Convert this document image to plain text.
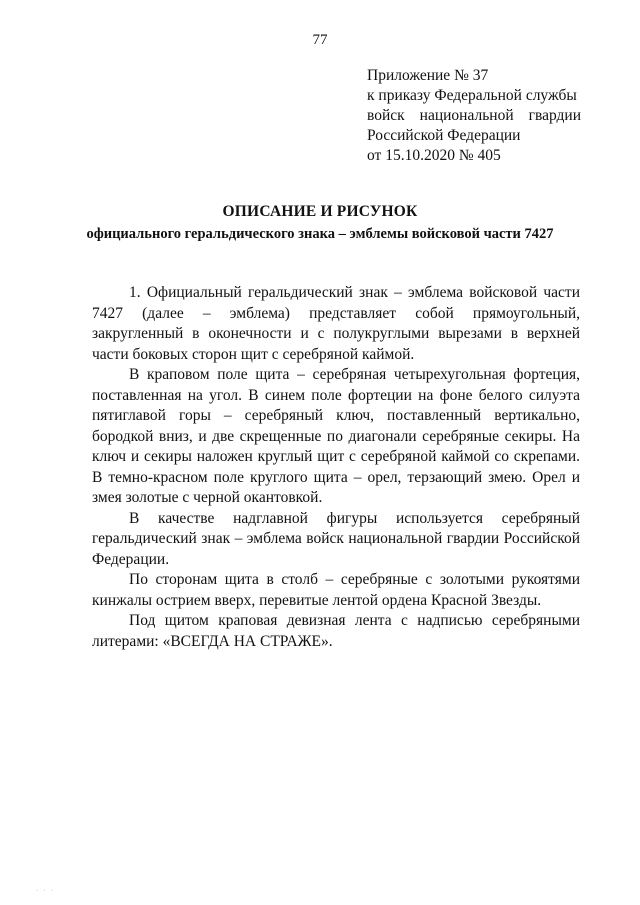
77
Приложение № 37
к приказу Федеральной службы
войск национальной гвардии
Российской Федерации
от 15.10.2020 № 405
ОПИСАНИЕ И РИСУНОК
официального геральдического знака – эмблемы войсковой части 7427

1. Официальный геральдический знак – эмблема войсковой части 7427 (далее – эмблема) представляет собой прямоугольный, закругленный в оконечности и с полукруглыми вырезами в верхней части боковых сторон щит с серебряной каймой.

В краповом поле щита – серебряная четырехугольная фортеция, поставленная на угол. В синем поле фортеции на фоне белого силуэта пятиглавой горы – серебряный ключ, поставленный вертикально, бородкой вниз, и две скрещенные по диагонали серебряные секиры. На ключ и секиры наложен круглый щит с серебряной каймой со скрепами. В темно-красном поле круглого щита – орел, терзающий змею. Орел и змея золотые с черной окантовкой.

В качестве надглавной фигуры используется серебряный геральдический знак – эмблема войск национальной гвардии Российской Федерации.

По сторонам щита в столб – серебряные с золотыми рукоятями кинжалы острием вверх, перевитые лентой ордена Красной Звезды.

Под щитом краповая девизная лента с надписью серебряными литерами: «ВСЕГДА НА СТРАЖЕ».

· · ·
